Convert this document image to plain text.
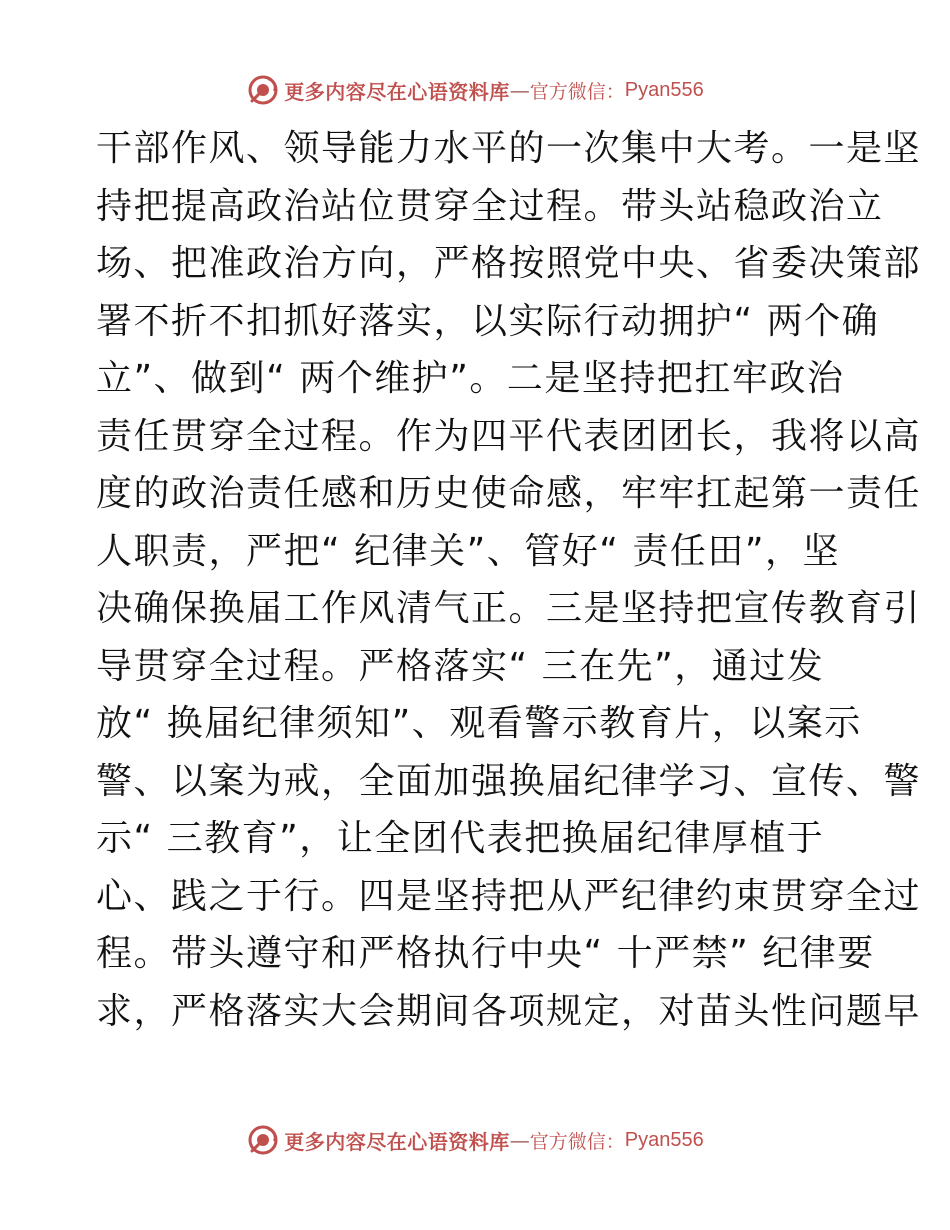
更多内容尽在心语资料库 — 官方微信： Pyan556
干部作风、领导能力水平的一次集中大考。一是坚
持把提高政治站位贯穿全过程。带头站稳政治立
场、把准政治方向，严格按照党中央、省委决策部
署不折不扣抓好落实，以实际行动拥护“ 两个确
立”、做到“ 两个维护”。二是坚持把扛牢政治
责任贯穿全过程。作为四平代表团团长，我将以高
度的政治责任感和历史使命感，牢牢扛起第一责任
人职责，严把“ 纪律关”、管好“ 责任田”，坚
决确保换届工作风清气正。三是坚持把宣传教育引
导贯穿全过程。严格落实“ 三在先”，通过发
放“ 换届纪律须知”、观看警示教育片，以案示
警、以案为戒，全面加强换届纪律学习、宣传、警
示“ 三教育”，让全团代表把换届纪律厚植于
心、践之于行。四是坚持把从严纪律约束贯穿全过
程。带头遵守和严格执行中央“ 十严禁” 纪律要
求，严格落实大会期间各项规定，对苗头性问题早
更多内容尽在心语资料库 — 官方微信： Pyan556
